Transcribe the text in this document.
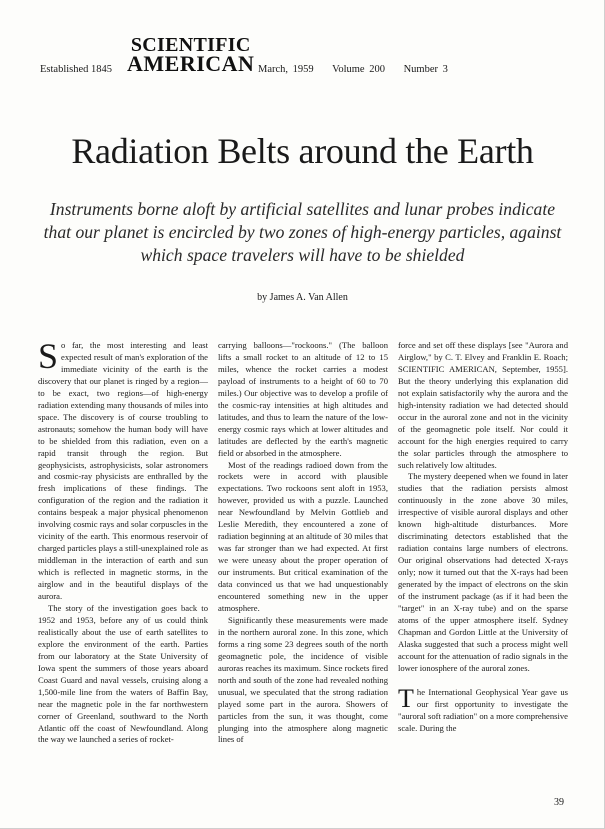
Established 1845
SCIENTIFIC
AMERICAN March, 1959 Volume 200 Number 3
Radiation Belts around the Earth
Instruments borne aloft by artificial satellites and lunar probes indicate that our planet is encircled by two zones of high-energy particles, against which space travelers will have to be shielded
by James A. Van Allen

So far, the most interesting and least expected result of man's exploration of the immediate vicinity of the earth is the discovery that our planet is ringed by a region—to be exact, two regions—of high-energy radiation extending many thousands of miles into space. The discovery is of course troubling to astronauts; somehow the human body will have to be shielded from this radiation, even on a rapid transit through the region. But geophysicists, astrophysicists, solar astronomers and cosmic-ray physicists are enthralled by the fresh implications of these findings. The configuration of the region and the radiation it contains bespeak a major physical phenomenon involving cosmic rays and solar corpuscles in the vicinity of the earth. This enormous reservoir of charged particles plays a still-unexplained role as middleman in the interaction of earth and sun which is reflected in magnetic storms, in the airglow and in the beautiful displays of the aurora.

The story of the investigation goes back to 1952 and 1953, before any of us could think realistically about the use of earth satellites to explore the environment of the earth. Parties from our laboratory at the State University of Iowa spent the summers of those years aboard Coast Guard and naval vessels, cruising along a 1,500-mile line from the waters of Baffin Bay, near the magnetic pole in the far northwestern corner of Greenland, southward to the North Atlantic off the coast of Newfoundland. Along the way we launched a series of rocket-

carrying balloons—"rockoons." (The balloon lifts a small rocket to an altitude of 12 to 15 miles, whence the rocket carries a modest payload of instruments to a height of 60 to 70 miles.) Our objective was to develop a profile of the cosmic-ray intensities at high altitudes and latitudes, and thus to learn the nature of the low-energy cosmic rays which at lower altitudes and latitudes are deflected by the earth's magnetic field or absorbed in the atmosphere.

Most of the readings radioed down from the rockets were in accord with plausible expectations. Two rockoons sent aloft in 1953, however, provided us with a puzzle. Launched near Newfoundland by Melvin Gottlieb and Leslie Meredith, they encountered a zone of radiation beginning at an altitude of 30 miles that was far stronger than we had expected. At first we were uneasy about the proper operation of our instruments. But critical examination of the data convinced us that we had unquestionably encountered something new in the upper atmosphere.

Significantly these measurements were made in the northern auroral zone. In this zone, which forms a ring some 23 degrees south of the north geomagnetic pole, the incidence of visible auroras reaches its maximum. Since rockets fired north and south of the zone had revealed nothing unusual, we speculated that the strong radiation played some part in the aurora. Showers of particles from the sun, it was thought, come plunging into the atmosphere along magnetic lines of

force and set off these displays [see "Aurora and Airglow," by C. T. Elvey and Franklin E. Roach; SCIENTIFIC AMERICAN, September, 1955]. But the theory underlying this explanation did not explain satisfactorily why the aurora and the high-intensity radiation we had detected should occur in the auroral zone and not in the vicinity of the geomagnetic pole itself. Nor could it account for the high energies required to carry the solar particles through the atmosphere to such relatively low altitudes.

The mystery deepened when we found in later studies that the radiation persists almost continuously in the zone above 30 miles, irrespective of visible auroral displays and other known high-altitude disturbances. More discriminating detectors established that the radiation contains large numbers of electrons. Our original observations had detected X-rays only; now it turned out that the X-rays had been generated by the impact of electrons on the skin of the instrument package (as if it had been the "target" in an X-ray tube) and on the sparse atoms of the upper atmosphere itself. Sydney Chapman and Gordon Little at the University of Alaska suggested that such a process might well account for the attenuation of radio signals in the lower ionosphere of the auroral zones.

The International Geophysical Year gave us our first opportunity to investigate the "auroral soft radiation" on a more comprehensive scale. During the

39
